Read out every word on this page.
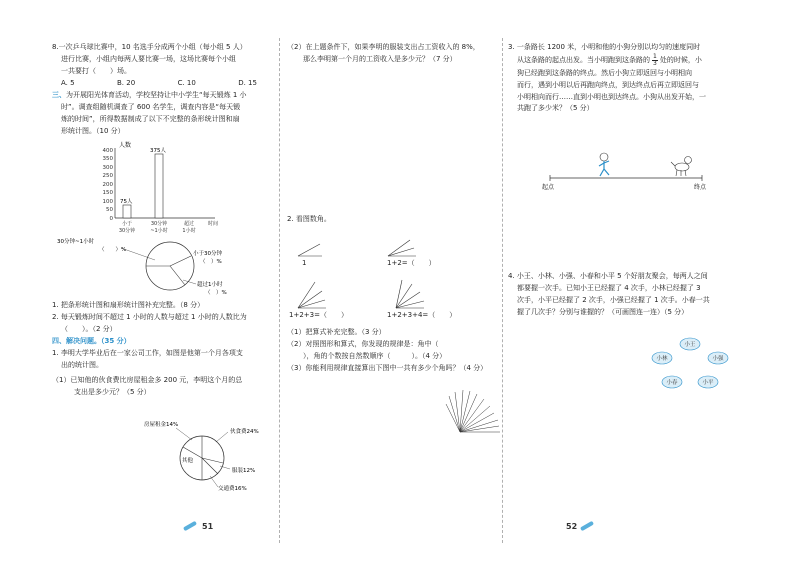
8.一次乒乓球比赛中，10 名选手分成两个小组（每小组 5 人）
进行比赛，小组内每两人要比赛一场，这场比赛每个小组
一共要打（　　）场。
A. 5	B. 20	C. 10	D. 15
三、为开展阳光体育活动，学校坚持让中小学生“每天锻炼 1 小
时”。调查组随机调查了 600 名学生，调查内容是“每天锻
炼的时间”，所得数据制成了以下不完整的条形统计图和扇
形统计图。（10 分）
人数
400
350
300
250
200
150
100
50
0
75人
375人
小于
30分钟
30分钟
~1小时
超过
1小时
时间
30分钟~1小时
（　　）%
小于30分钟
（　）%
超过1小时
（　）%
1. 把条形统计图和扇形统计图补充完整。（8 分）
2. 每天锻炼时间不超过 1 小时的人数与超过 1 小时的人数比为
（　　）。（2 分）
四、解决问题。（35 分）
1. 李明大学毕业后在一家公司工作，如图是他第一个月各项支
出的统计图。
（1）已知他的伙食费比房屋租金多 200 元，李明这个月的总
支出是多少元？（5 分）
房屋租金14%
伙食费24%
其他
服装12%
交通费16%
51
（2）在上题条件下，如果李明的服装支出占工资收入的 8%，
那么李明第一个月的工资收入是多少元？（7 分）
2. 看图数角。
1	1+2=（　　）
1+2+3=（　　）	1+2+3+4=（　　）
（1）把算式补充完整。（3 分）
（2）对照图形和算式，你发现的规律是：角中（
），角的个数按自然数顺序（　　　）。（4 分）
（3）你能利用规律直接算出下图中一共有多少个角吗？（4 分）
3. 一条路长 1200 米，小明和他的小狗分别以均匀的速度同时
从这条路的起点出发。当小明跑到这条路的 1
3 处的时候，小
狗已经跑到这条路的终点。然后小狗立即返回与小明相向
而行，遇到小明以后再跑向终点，到达终点后再立即返回与
小明相向而行……直到小明也到达终点。小狗从出发开始，一
共跑了多少米？（5 分）
起点	终点
4. 小王、小林、小强、小春和小平 5 个好朋友聚会，每两人之间
都要握一次手。已知小王已经握了 4 次手，小林已经握了 3
次手，小平已经握了 2 次手，小强已经握了 1 次手。小春一共
握了几次手？分别与谁握的？（可画图连一连）（5 分）
小王
小林	小强
小春	小平
52
